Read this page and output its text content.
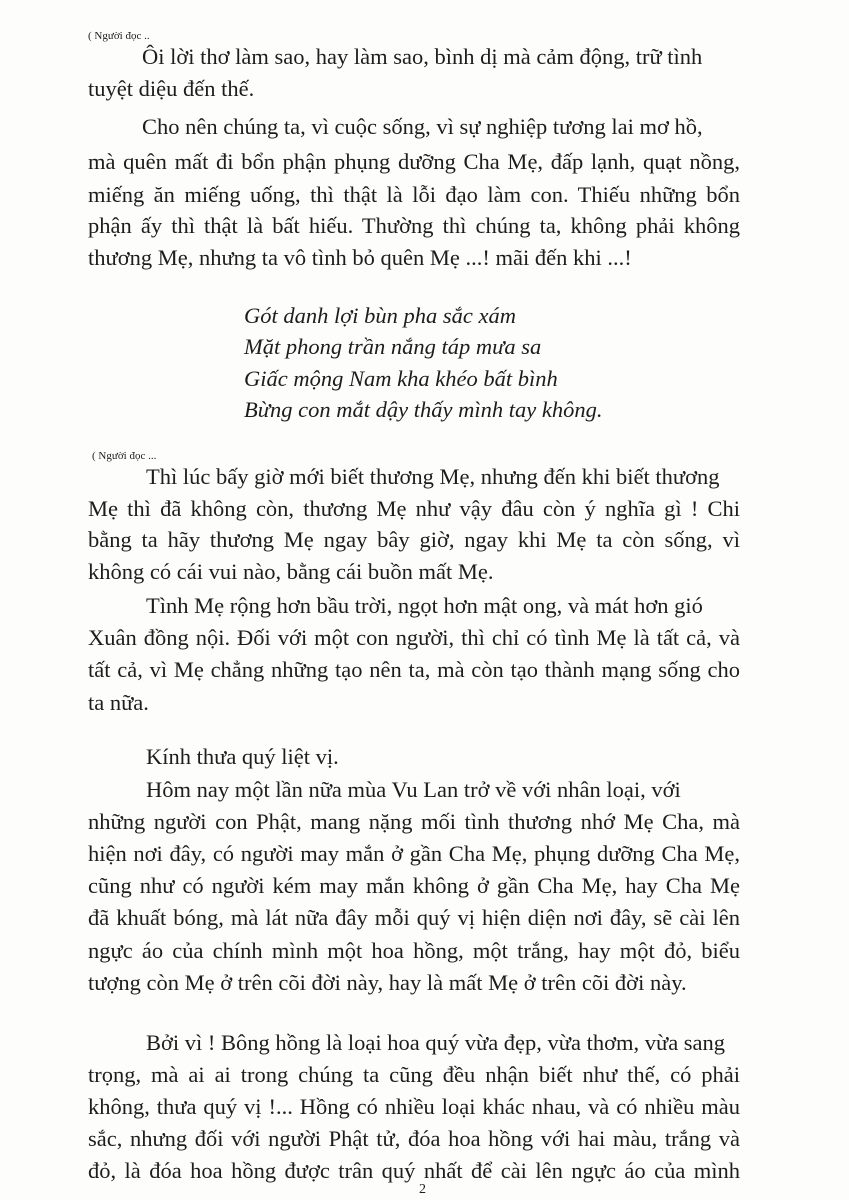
( Người đọc ..

Ôi lời thơ làm sao, hay làm sao, bình dị mà cảm động, trữ tình

tuyệt diệu đến thế.

Cho nên chúng ta, vì cuộc sống, vì sự nghiệp tương lai mơ hồ,

mà quên mất đi bổn phận phụng dưỡng Cha Mẹ, đấp lạnh, quạt nồng,

miếng ăn miếng uống, thì thật là lỗi đạo làm con. Thiếu những bổn

phận ấy thì thật là bất hiếu. Thường thì chúng ta, không phải không

thương Mẹ, nhưng ta vô tình bỏ quên Mẹ ...! mãi đến khi ...!

Gót danh lợi bùn pha sắc xám

Mặt phong trần nắng táp mưa sa

Giấc mộng Nam kha khéo bất bình

Bừng con mắt dậy thấy mình tay không.

( Người đọc ...

Thì lúc bấy giờ mới biết thương Mẹ, nhưng đến khi biết thương

Mẹ thì đã không còn, thương Mẹ như vậy đâu còn ý nghĩa gì ! Chi

bằng ta hãy thương Mẹ ngay bây giờ, ngay khi Mẹ ta còn sống, vì

không có cái vui nào, bằng cái buồn mất Mẹ.

Tình Mẹ rộng hơn bầu trời, ngọt hơn mật ong, và mát hơn gió

Xuân đồng nội. Đối với một con người, thì chỉ có tình Mẹ là tất cả, và

tất cả, vì Mẹ chẳng những tạo nên ta, mà còn tạo thành mạng sống cho

ta nữa.

Kính thưa quý liệt vị.

Hôm nay một lần nữa mùa Vu Lan trở về với nhân loại, với

những người con Phật, mang nặng mối tình thương nhớ Mẹ Cha, mà

hiện nơi đây, có người may mắn ở gần Cha Mẹ, phụng dưỡng Cha Mẹ,

cũng như có người kém may mắn không ở gần Cha Mẹ, hay Cha Mẹ

đã khuất bóng, mà lát nữa đây mỗi quý vị hiện diện nơi đây, sẽ cài lên

ngực áo của chính mình một hoa hồng, một trắng, hay một đỏ, biểu

tượng còn Mẹ ở trên cõi đời này, hay là mất Mẹ ở trên cõi đời này.

Bởi vì ! Bông hồng là loại hoa quý vừa đẹp, vừa thơm, vừa sang

trọng, mà ai ai trong chúng ta cũng đều nhận biết như thế, có phải

không, thưa quý vị !... Hồng có nhiều loại khác nhau, và có nhiều màu

sắc, nhưng đối với người Phật tử, đóa hoa hồng với hai màu, trắng và

đỏ, là đóa hoa hồng được trân quý nhất để cài lên ngực áo của mình

2
